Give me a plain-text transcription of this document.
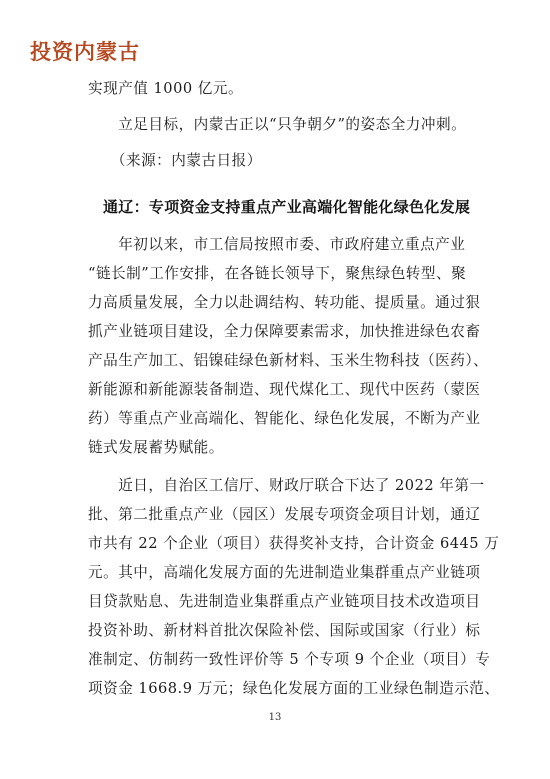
投资内蒙古
实现产值 1000 亿元。
　　立足目标，内蒙古正以“只争朝夕”的姿态全力冲刺。
　　（来源：内蒙古日报）
通辽：专项资金支持重点产业高端化智能化绿色化发展
　　年初以来，市工信局按照市委、市政府建立重点产业
“链长制”工作安排，在各链长领导下，聚焦绿色转型、聚
力高质量发展，全力以赴调结构、转功能、提质量。通过狠
抓产业链项目建设，全力保障要素需求，加快推进绿色农畜
产品生产加工、铝镍硅绿色新材料、玉米生物科技（医药）、
新能源和新能源装备制造、现代煤化工、现代中医药（蒙医
药）等重点产业高端化、智能化、绿色化发展，不断为产业
链式发展蓄势赋能。
　　近日，自治区工信厅、财政厅联合下达了 2022 年第一
批、第二批重点产业（园区）发展专项资金项目计划，通辽
市共有 22 个企业（项目）获得奖补支持，合计资金 6445 万
元。其中，高端化发展方面的先进制造业集群重点产业链项
目贷款贴息、先进制造业集群重点产业链项目技术改造项目
投资补助、新材料首批次保险补偿、国际或国家（行业）标
准制定、仿制药一致性评价等 5 个专项 9 个企业（项目）专
项资金 1668.9 万元；绿色化发展方面的工业绿色制造示范、
13
